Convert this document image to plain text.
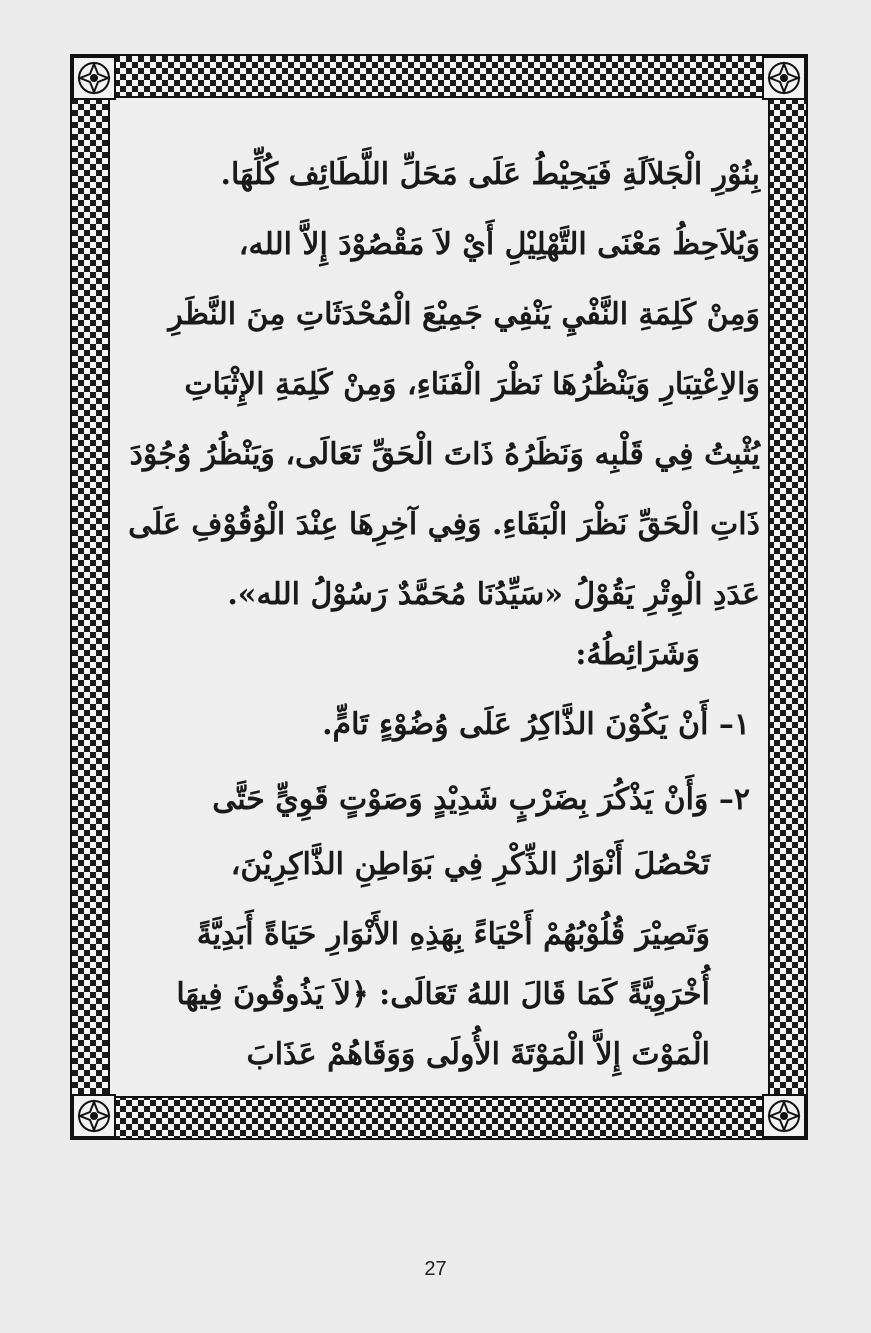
بِنُوْرِ الْجَلاَلَةِ فَيَحِيْطُ عَلَى مَحَلِّ اللَّطَائِف كُلِّهَا.
وَيُلاَحِظُ مَعْنَى التَّهْلِيْلِ أَيْ لاَ مَقْصُوْدَ إِلاَّ الله،
وَمِنْ كَلِمَةِ النَّفْيِ يَنْفِي جَمِيْعَ الْمُحْدَثَاتِ مِنَ النَّظَرِ
وَالاِعْتِبَارِ وَيَنْظُرُهَا نَظْرَ الْفَنَاءِ، وَمِنْ كَلِمَةِ الإِثْبَاتِ
يُثْبِتُ فِي قَلْبِه وَنَظَرُهُ ذَاتَ الْحَقِّ تَعَالَى، وَيَنْظُرُ وُجُوْدَ
ذَاتِ الْحَقِّ نَظْرَ الْبَقَاءِ. وَفِي آخِرِهَا عِنْدَ الْوُقُوْفِ عَلَى
عَدَدِ الْوِتْرِ يَقُوْلُ «سَيِّدُنَا مُحَمَّدٌ رَسُوْلُ الله».
وَشَرَائِطُهُ:
١– أَنْ يَكُوْنَ الذَّاكِرُ عَلَى وُضُوْءٍ تَامٍّ.
٢– وَأَنْ يَذْكُرَ بِضَرْبٍ شَدِيْدٍ وَصَوْتٍ قَوِيٍّ حَتَّى
تَحْصُلَ أَنْوَارُ الذِّكْرِ فِي بَوَاطِنِ الذَّاكِرِيْنَ،
وَتَصِيْرَ قُلُوْبُهُمْ أَحْيَاءً بِهَذِهِ الأَنْوَارِ حَيَاةً أَبَدِيَّةً
أُخْرَوِيَّةً كَمَا قَالَ اللهُ تَعَالَى: ﴿لاَ يَذُوقُونَ فِيهَا
الْمَوْتَ إِلاَّ الْمَوْتَةَ الأُولَى وَوَقَاهُمْ عَذَابَ
27
